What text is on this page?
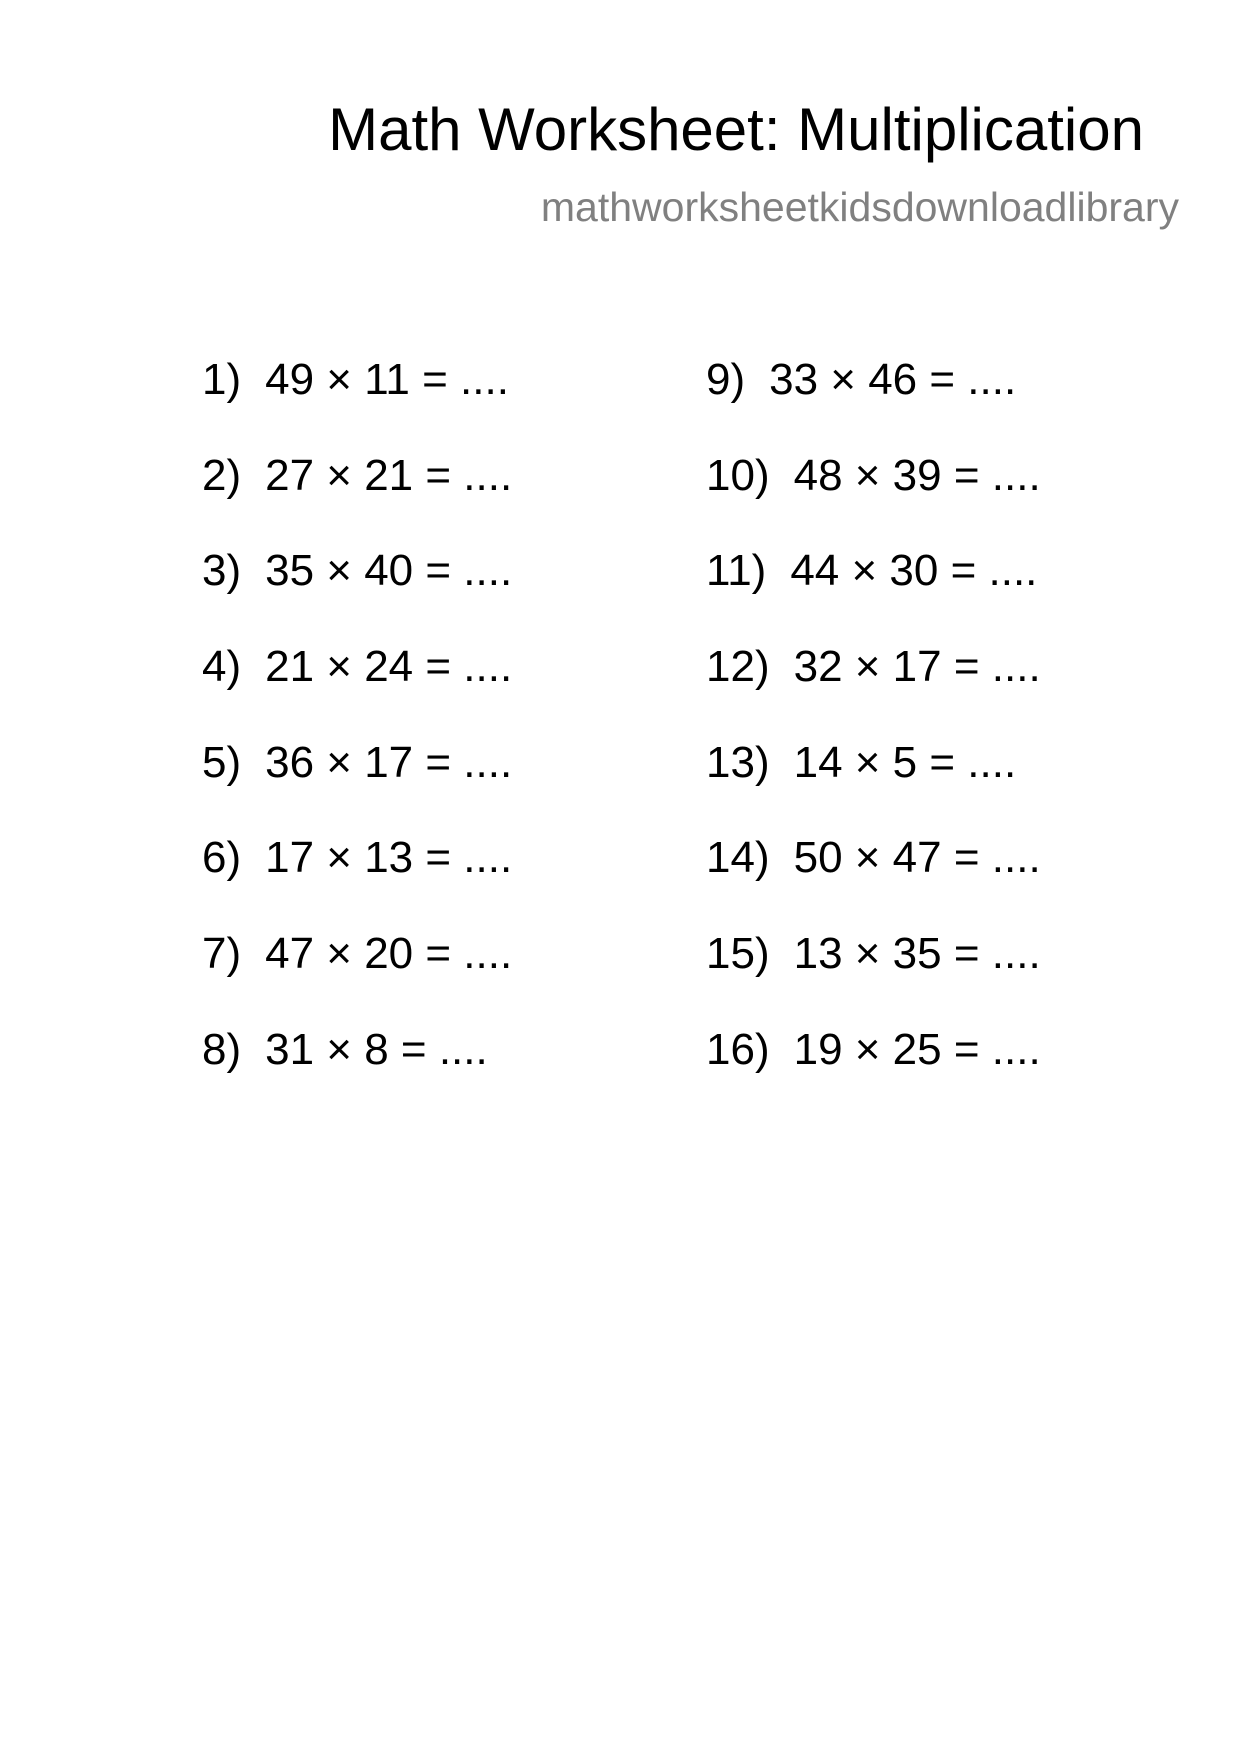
Math Worksheet: Multiplication
mathworksheetkidsdownloadlibrary
1) 49 × 11 = ....
2) 27 × 21 = ....
3) 35 × 40 = ....
4) 21 × 24 = ....
5) 36 × 17 = ....
6) 17 × 13 = ....
7) 47 × 20 = ....
8) 31 × 8 = ....
9) 33 × 46 = ....
10) 48 × 39 = ....
11) 44 × 30 = ....
12) 32 × 17 = ....
13) 14 × 5 = ....
14) 50 × 47 = ....
15) 13 × 35 = ....
16) 19 × 25 = ....
